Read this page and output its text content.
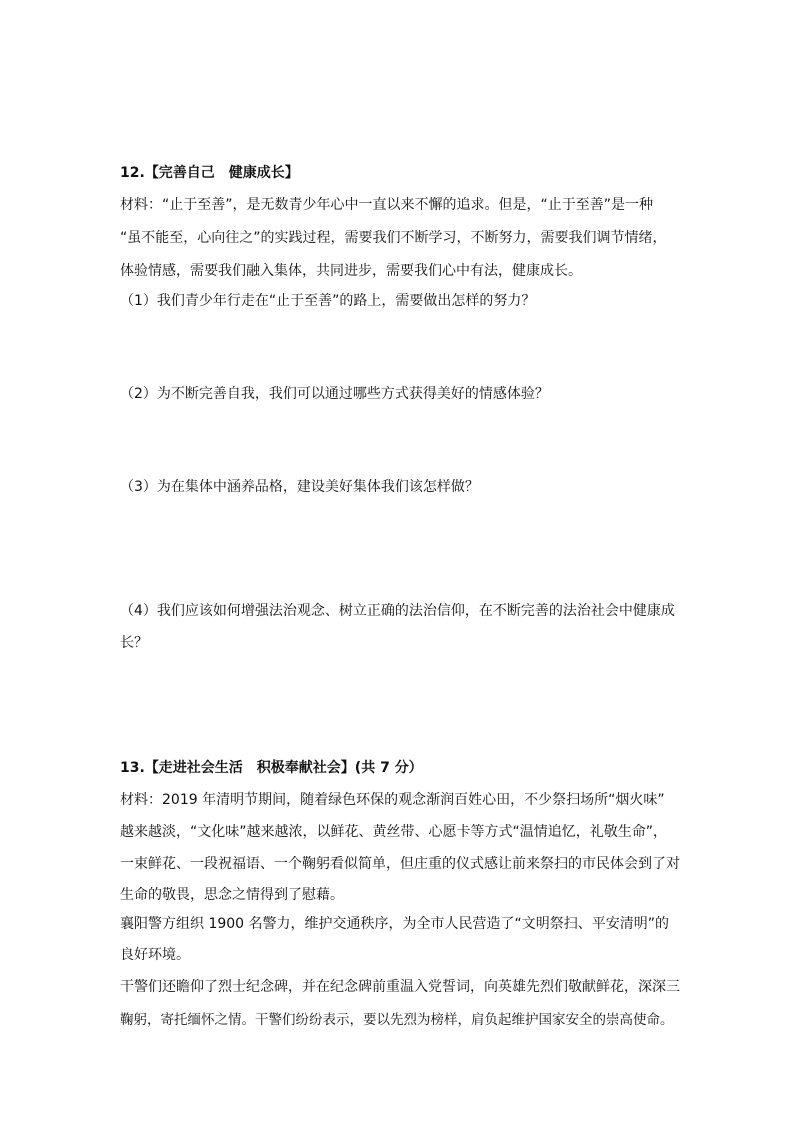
12.【完善自己　健康成长】
材料：“止于至善”，是无数青少年心中一直以来不懈的追求。但是，“止于至善”是一种
“虽不能至，心向往之”的实践过程，需要我们不断学习，不断努力，需要我们调节情绪，
体验情感，需要我们融入集体，共同进步，需要我们心中有法，健康成长。
（1）我们青少年行走在“止于至善”的路上，需要做出怎样的努力？
（2）为不断完善自我，我们可以通过哪些方式获得美好的情感体验？
（3）为在集体中涵养品格，建设美好集体我们该怎样做？
（4）我们应该如何增强法治观念、树立正确的法治信仰，在不断完善的法治社会中健康成
长？
13.【走进社会生活　积极奉献社会】(共 7 分）
材料：2019 年清明节期间，随着绿色环保的观念渐润百姓心田，不少祭扫场所“烟火味”
越来越淡，“文化味”越来越浓，以鲜花、黄丝带、心愿卡等方式“温情追忆，礼敬生命”，
一束鲜花、一段祝福语、一个鞠躬看似简单，但庄重的仪式感让前来祭扫的市民体会到了对
生命的敬畏，思念之情得到了慰藉。
襄阳警方组织 1900 名警力，维护交通秩序，为全市人民营造了“文明祭扫、平安清明”的
良好环境。
干警们还瞻仰了烈士纪念碑，并在纪念碑前重温入党誓词，向英雄先烈们敬献鲜花，深深三
鞠躬，寄托缅怀之情。干警们纷纷表示，要以先烈为榜样，肩负起维护国家安全的崇高使命。
